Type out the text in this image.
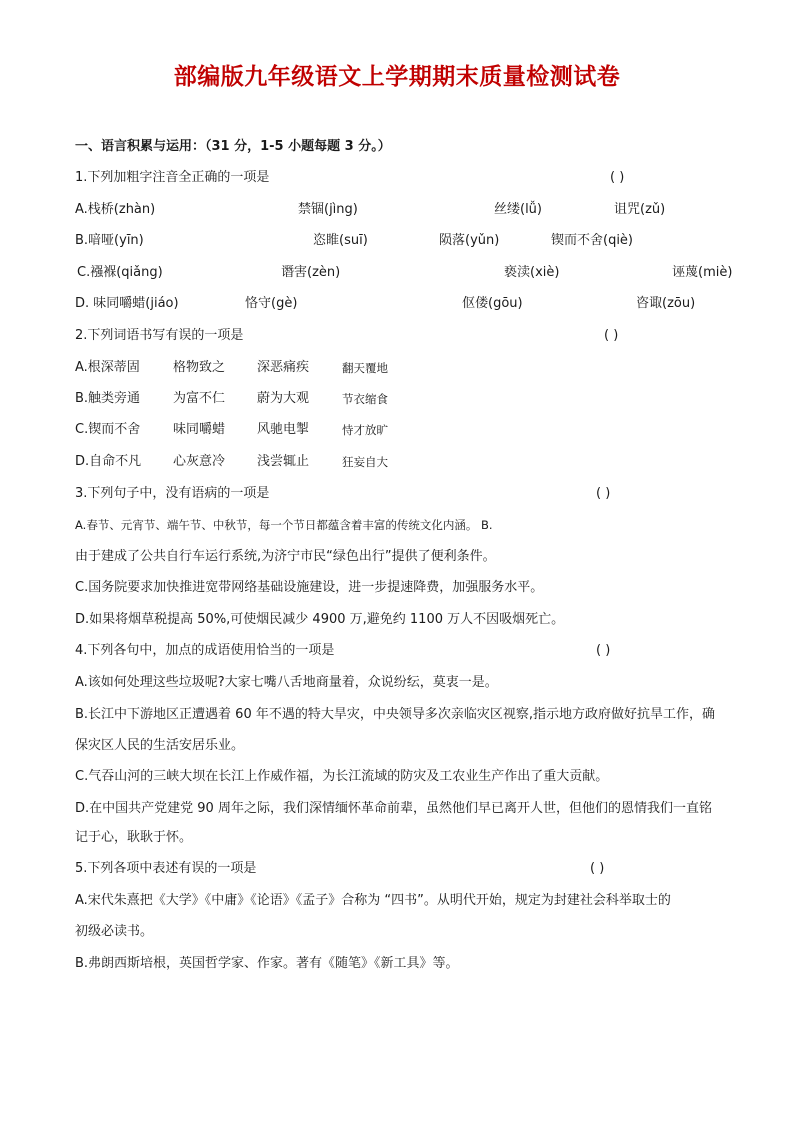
部编版九年级语文上学期期末质量检测试卷
一、语言积累与运用：（31 分，1-5 小题每题 3 分。）
1.下列加粗字注音全正确的一项是	( )
A.栈桥(zhàn)	禁锢(jìng)	丝缕(lǚ)	诅咒(zǔ)
B.喑哑(yīn)	恣睢(suī)	陨落(yǔn)	锲而不舍(qiè)
C.襁褓(qiǎng)	谮害(zèn)	亵渎(xiè)	诬蔑(miè)
D. 味同嚼蜡(jiáo)	恪守(gè)	伛偻(gōu)	咨诹(zōu)
2.下列词语书写有误的一项是	( )
A.根深蒂固	格物致之 深恶痛疾	翻天覆地
B.触类旁通	为富不仁 蔚为大观	节衣缩食
C.锲而不舍	味同嚼蜡 风驰电掣	恃才放旷
D.自命不凡 心灰意冷 浅尝辄止	狂妄自大
3.下列句子中，没有语病的一项是	( )
A.春节、元宵节、端午节、中秋节，每一个节日都蕴含着丰富的传统文化内涵。 B.
由于建成了公共自行车运行系统,为济宁市民“绿色出行”提供了便利条件。
C.国务院要求加快推进宽带网络基础设施建设，进一步提速降费，加强服务水平。
D.如果将烟草税提高 50%,可使烟民减少 4900 万,避免约 1100 万人不因吸烟死亡。
4.下列各句中，加点的成语使用恰当的一项是	( )
A.该如何处理这些垃圾呢?大家七嘴八舌地商量着，众说纷纭，莫衷一是。
B.长江中下游地区正遭遇着 60 年不遇的特大旱灾，中央领导多次亲临灾区视察,指示地方政府做好抗旱工作，确
保灾区人民的生活安居乐业。
C.气吞山河的三峡大坝在长江上作威作福，为长江流域的防灾及工农业生产作出了重大贡献。
D.在中国共产党建党 90 周年之际，我们深情缅怀革命前辈，虽然他们早已离开人世，但他们的恩情我们一直铭
记于心，耿耿于怀。
5.下列各项中表述有误的一项是	( )
A.宋代朱熹把《大学》《中庸》《论语》《孟子》合称为 “四书”。从明代开始，规定为封建社会科举取士的
初级必读书。
B.弗朗西斯培根，英国哲学家、作家。著有《随笔》《新工具》等。
